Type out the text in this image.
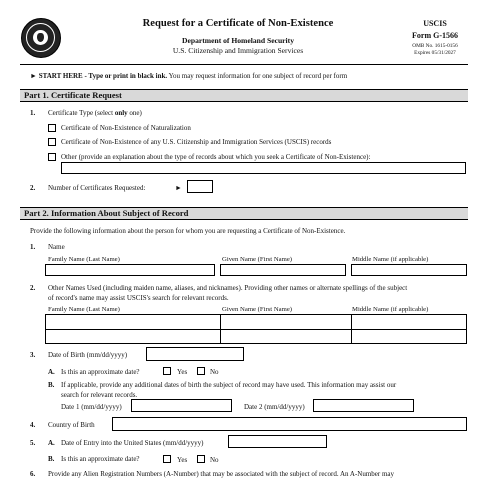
Request for a Certificate of Non-Existence
Department of Homeland Security
U.S. Citizenship and Immigration Services
USCIS
Form G-1566
OMB No. 1615-0156
Expires 05/31/2027
► START HERE - Type or print in black ink. You may request information for one subject of record per form
Part 1. Certificate Request
1. Certificate Type (select only one)
Certificate of Non-Existence of Naturalization
Certificate of Non-Existence of any U.S. Citizenship and Immigration Services (USCIS) records
Other (provide an explanation about the type of records about which you seek a Certificate of Non-Existence):
2. Number of Certificates Requested:	►
Part 2. Information About Subject of Record
Provide the following information about the person for whom you are requesting a Certificate of Non-Existence.
1. Name
Family Name (Last Name)	Given Name (First Name)	Middle Name (if applicable)
2. Other Names Used (including maiden name, aliases, and nicknames). Providing other names or alternate spellings of the subject
of record's name may assist USCIS's search for relevant records.
Family Name (Last Name)	Given Name (First Name)	Middle Name (if applicable)
3. Date of Birth (mm/dd/yyyy)
A. Is this an approximate date?	Yes	No
B. If applicable, provide any additional dates of birth the subject of record may have used. This information may assist our
search for relevant records.
Date 1 (mm/dd/yyyy)	Date 2 (mm/dd/yyyy)
4. Country of Birth
5. A. Date of Entry into the United States (mm/dd/yyyy)
B. Is this an approximate date?	Yes	No
6. Provide any Alien Registration Numbers (A-Number) that may be associated with the subject of record. An A-Number may
